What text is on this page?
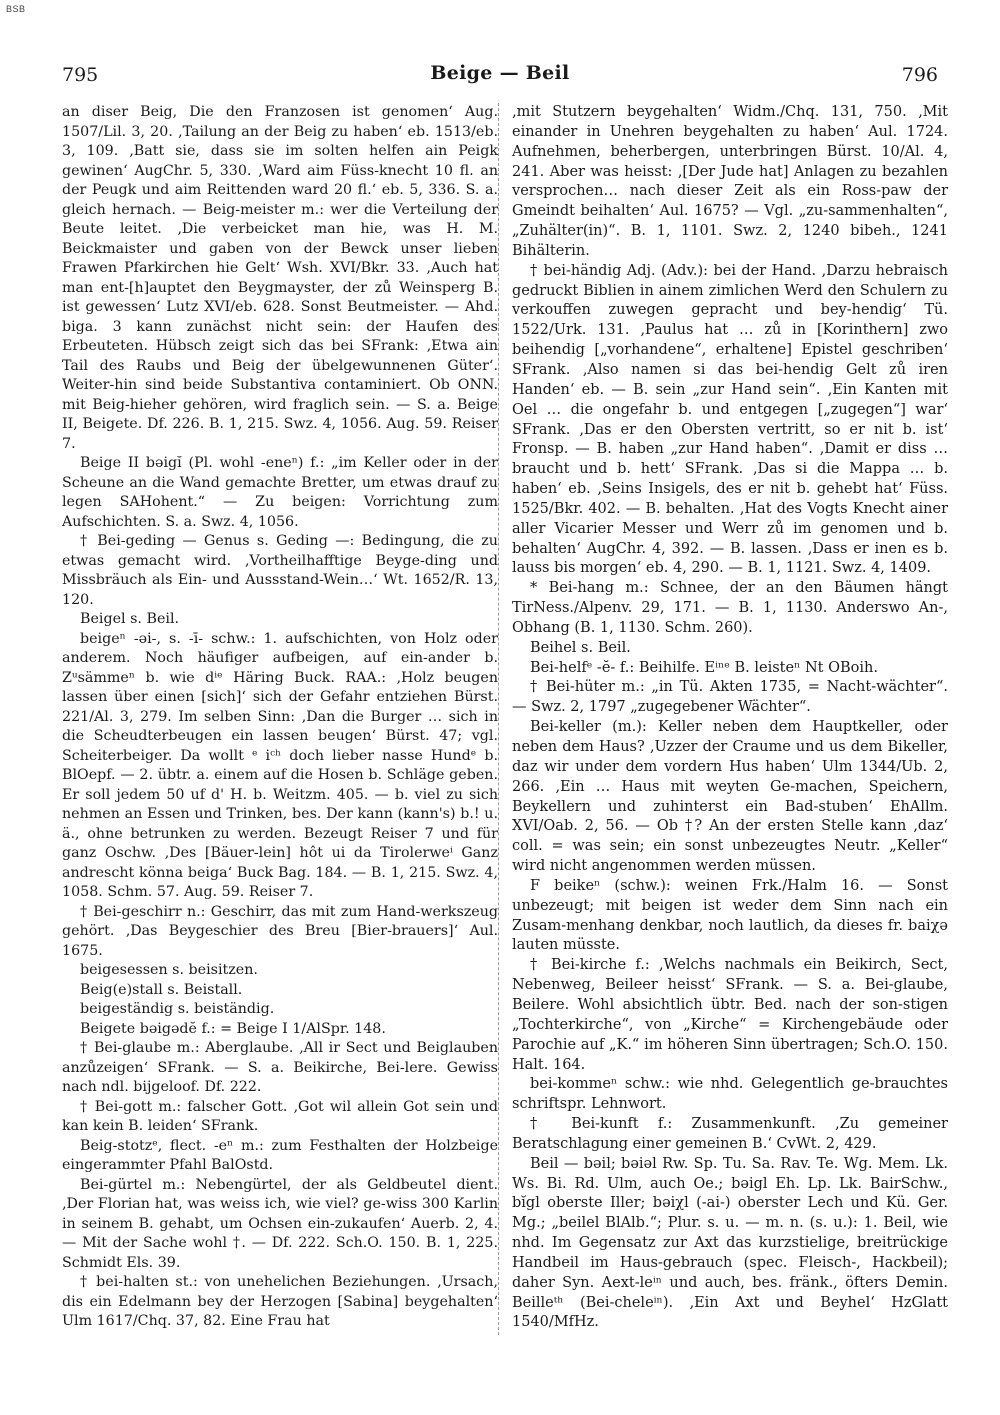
BSB
795	Beige — Beil	796

an diser Beig, Die den Franzosen ist genomen‘ Aug. 1507/Lil. 3, 20. ‚Tailung an der Beig zu haben‘ eb. 1513/eb. 3, 109. ‚Batt sie, dass sie im solten helfen ain Peigk gewinen‘ AugChr. 5, 330. ‚Ward aim Füss-knecht 10 fl. an der Peugk und aim Reittenden ward 20 fl.‘ eb. 5, 336. S. a. gleich hernach. — Beig-meister m.: wer die Verteilung der Beute leitet. ‚Die verbeicket man hie, was H. M. Beickmaister und gaben von der Bewck unser lieben Frawen Pfarkirchen hie Gelt‘ Wsh. XVI/Bkr. 33. ‚Auch hat man ent-[h]auptet den Beygmayster, der zů Weinsperg B. ist gewessen‘ Lutz XVI/eb. 628. Sonst Beutmeister. — Ahd. biga. 3 kann zunächst nicht sein: der Haufen des Erbeuteten. Hübsch zeigt sich das bei SFrank: ‚Etwa ain Tail des Raubs und Beig der übelgewunnenen Güter‘. Weiter-hin sind beide Substantiva contaminiert. Ob ONN. mit Beig-hieher gehören, wird fraglich sein. — S. a. Beige II, Beigete. Df. 226. B. 1, 215. Swz. 4, 1056. Aug. 59. Reiser 7.

Beige II bəigĭ (Pl. wohl -eneⁿ) f.: „im Keller oder in der Scheune an die Wand gemachte Bretter, um etwas drauf zu legen SAHohent.“ — Zu beigen: Vorrichtung zum Aufschichten. S. a. Swz. 4, 1056.

† Bei-geding — Genus s. Geding —: Bedingung, die zu etwas gemacht wird. ‚Vortheilhafftige Beyge-ding und Missbräuch als Ein- und Aussstand-Wein…‘ Wt. 1652/R. 13, 120.

Beigel s. Beil.

beigeⁿ -əi-, s. -ī- schw.: 1. aufschichten, von Holz oder anderem. Noch häufiger aufbeigen, auf ein-ander b. Zᵘsämmeⁿ b. wie dⁱᵉ Häring Buck. RAA.: ‚Holz beugen lassen über einen [sich]‘ sich der Gefahr entziehen Bürst. 221/Al. 3, 279. Im selben Sinn: ‚Dan die Burger … sich in die Scheudterbeugen ein lassen beugen‘ Bürst. 47; vgl. Scheiterbeiger. Da wollt ᵉ iᶜʰ doch lieber nasse Hundᵉ b. BlOepf. — 2. übtr. a. einem auf die Hosen b. Schläge geben. Er soll jedem 50 uf d' H. b. Weitzm. 405. — b. viel zu sich nehmen an Essen und Trinken, bes. Der kann (kann's) b.! u. ä., ohne betrunken zu werden. Bezeugt Reiser 7 und für ganz Oschw. ‚Des [Bäuer-lein] hôt ui da Tirolerweⁱ Ganz andrescht könna beiga‘ Buck Bag. 184. — B. 1, 215. Swz. 4, 1058. Schm. 57. Aug. 59. Reiser 7.

† Bei-geschirr n.: Geschirr, das mit zum Hand-werkszeug gehört. ‚Das Beygeschier des Breu [Bier-brauers]‘ Aul. 1675.

beigesessen s. beisitzen.

Beig(e)stall s. Beistall.

beigeständig s. beiständig.

Beigete bəigədĕ f.: = Beige I 1/AlSpr. 148.

† Bei-glaube m.: Aberglaube. ‚All ir Sect und Beiglauben anzůzeigen‘ SFrank. — S. a. Beikirche, Bei-lere. Gewiss nach ndl. bijgeloof. Df. 222.

† Bei-gott m.: falscher Gott. ‚Got wil allein Got sein und kan kein B. leiden‘ SFrank.

Beig-stotzᵉ, flect. -eⁿ m.: zum Festhalten der Holzbeige eingerammter Pfahl BalOstd.

Bei-gürtel m.: Nebengürtel, der als Geldbeutel dient. ‚Der Florian hat, was weiss ich, wie viel? ge-wiss 300 Karlin in seinem B. gehabt, um Ochsen ein-zukaufen‘ Auerb. 2, 4. — Mit der Sache wohl †. — Df. 222. Sch.O. 150. B. 1, 225. Schmidt Els. 39.

† bei-halten st.: von unehelichen Beziehungen. ‚Ursach, dis ein Edelmann bey der Herzogen [Sabina] beygehalten‘ Ulm 1617/Chq. 37, 82. Eine Frau hat

‚mit Stutzern beygehalten‘ Widm./Chq. 131, 750. ‚Mit einander in Unehren beygehalten zu haben‘ Aul. 1724. Aufnehmen, beherbergen, unterbringen Bürst. 10/Al. 4, 241. Aber was heisst: ‚[Der Jude hat] Anlagen zu bezahlen versprochen… nach dieser Zeit als ein Ross-paw der Gmeindt beihalten‘ Aul. 1675? — Vgl. „zu-sammenhalten“, „Zuhälter(in)“. B. 1, 1101. Swz. 2, 1240 bibeh., 1241 Bihälterin.

† bei-händig Adj. (Adv.): bei der Hand. ‚Darzu hebraisch gedruckt Biblien in ainem zimlichen Werd den Schulern zu verkouffen zuwegen gepracht und bey-hendig‘ Tü. 1522/Urk. 131. ‚Paulus hat … zů in [Korinthern] zwo beihendig [„vorhandene“, erhaltene] Epistel geschriben‘ SFrank. ‚Also namen si das bei-hendig Gelt zů iren Handen‘ eb. — B. sein „zur Hand sein“. ‚Ein Kanten mit Oel … die ongefahr b. und entgegen [„zugegen“] war‘ SFrank. ‚Das er den Obersten vertritt, so er nit b. ist‘ Fronsp. — B. haben „zur Hand haben“. ‚Damit er diss … braucht und b. hett‘ SFrank. ‚Das si die Mappa … b. haben‘ eb. ‚Seins Insigels, des er nit b. gehebt hat‘ Füss. 1525/Bkr. 402. — B. behalten. ‚Hat des Vogts Knecht ainer aller Vicarier Messer und Werr zů im genomen und b. behalten‘ AugChr. 4, 392. — B. lassen. ‚Dass er inen es b. lauss bis morgen‘ eb. 4, 290. — B. 1, 1121. Swz. 4, 1409.

* Bei-hang m.: Schnee, der an den Bäumen hängt TirNess./Alpenv. 29, 171. — B. 1, 1130. Anderswo An-, Obhang (B. 1, 1130. Schm. 260).

Beihel s. Beil.

Bei-helfᵉ -ĕ- f.: Beihilfe. Eⁱⁿᵉ B. leisteⁿ Nt OBoih.

† Bei-hüter m.: „in Tü. Akten 1735, = Nacht-wächter“. — Swz. 2, 1797 „zugegebener Wächter“.

Bei-keller (m.): Keller neben dem Hauptkeller, oder neben dem Haus? ‚Uzzer der Craume und us dem Bikeller, daz wir under dem vordern Hus haben‘ Ulm 1344/Ub. 2, 266. ‚Ein … Haus mit weyten Ge-machen, Speichern, Beykellern und zuhinterst ein Bad-stuben‘ EhAllm. XVI/Oab. 2, 56. — Ob †? An der ersten Stelle kann ‚daz‘ coll. = was sein; ein sonst unbezeugtes Neutr. „Keller“ wird nicht angenommen werden müssen.

F beikeⁿ (schw.): weinen Frk./Halm 16. — Sonst unbezeugt; mit beigen ist weder dem Sinn nach ein Zusam-menhang denkbar, noch lautlich, da dieses fr. baiχə lauten müsste.

† Bei-kirche f.: ‚Welchs nachmals ein Beikirch, Sect, Nebenweg, Beileer heisst‘ SFrank. — S. a. Bei-glaube, Beilere. Wohl absichtlich übtr. Bed. nach der son-stigen „Tochterkirche“, von „Kirche“ = Kirchengebäude oder Parochie auf „K.“ im höheren Sinn übertragen; Sch.O. 150. Halt. 164.

bei-kommeⁿ schw.: wie nhd. Gelegentlich ge-brauchtes schriftspr. Lehnwort.

† Bei-kunft f.: Zusammenkunft. ‚Zu gemeiner Beratschlagung einer gemeinen B.‘ CvWt. 2, 429.

Beil — bəil; bəiəl Rw. Sp. Tu. Sa. Rav. Te. Wg. Mem. Lk. Ws. Bi. Rd. Ulm, auch Oe.; bəigl Eh. Lp. Lk. BairSchw., bĭgl oberste Iller; bəiχl (-ai-) oberster Lech und Kü. Ger. Mg.; „beilel BlAlb.“; Plur. s. u. — m. n. (s. u.): 1. Beil, wie nhd. Im Gegensatz zur Axt das kurzstielige, breitrückige Handbeil im Haus-gebrauch (spec. Fleisch-, Hackbeil); daher Syn. Aext-leⁱⁿ und auch, bes. fränk., öfters Demin. Beilleᵗʰ (Bei-cheleⁱⁿ). ‚Ein Axt und Beyhel‘ HzGlatt 1540/MfHz.
